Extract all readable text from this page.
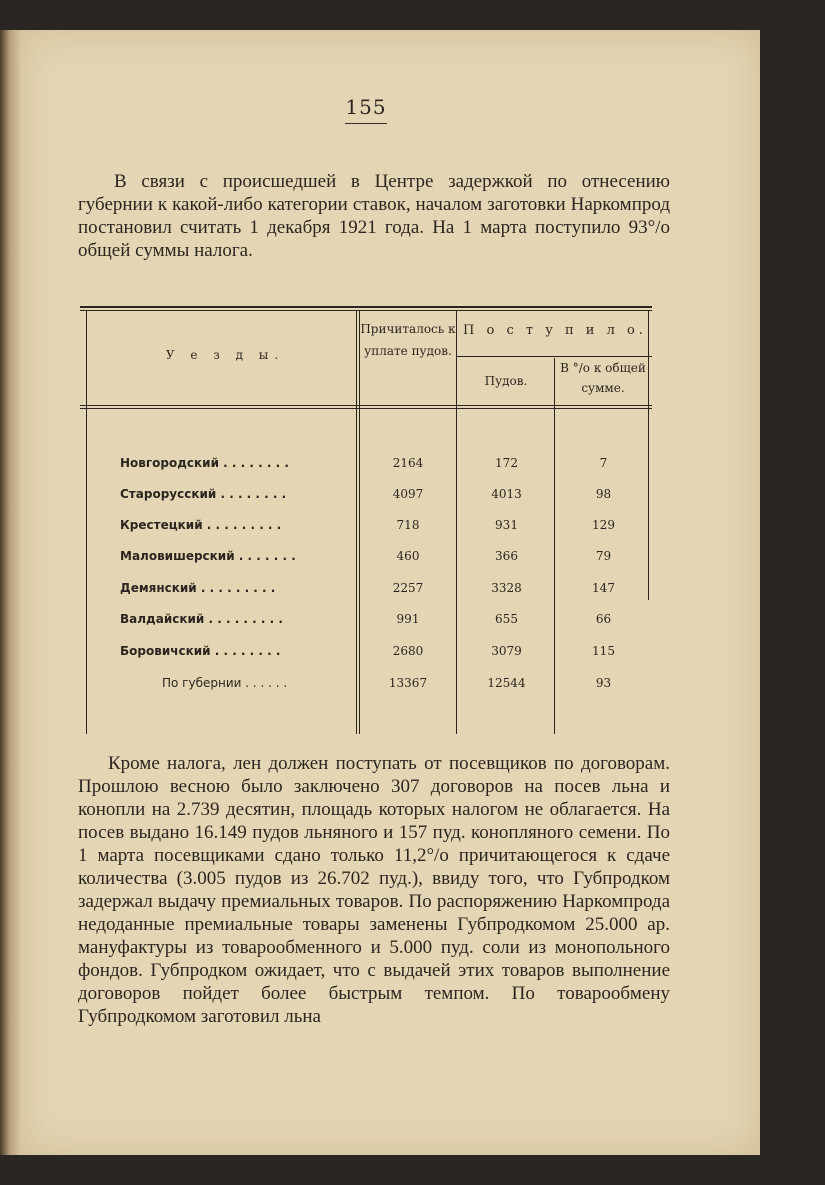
155

В связи с происшедшей в Центре задержкой по отнесению губернии к какой-либо категории ставок, началом заготовки Наркомпрод постановил считать 1 декабря 1921 года. На 1 марта поступило 93°/o общей суммы налога.

У е з д ы.
Причиталось к уплате пудов.
П о с т у п и л о.
Пудов.
В °/o к общей сумме.
Новгородский . . . . . . . .	2164	172	7
Старорусский . . . . . . . .	4097	4013	98
Крестецкий . . . . . . . . .	718	931	129
Маловишерский . . . . . . .	460	366	79
Демянский . . . . . . . . .	2257	3328	147
Валдайский . . . . . . . . .	991	655	66
Боровичский . . . . . . . .	2680	3079	115
По губернии . . . . . .	13367	12544	93

Кроме налога, лен должен поступать от посевщиков по договорам. Прошлою весною было заключено 307 договоров на посев льна и конопли на 2.739 десятин, площадь которых налогом не облагается. На посев выдано 16.149 пудов льняного и 157 пуд. конопляного семени. По 1 марта посевщиками сдано только 11,2°/o причитающегося к сдаче количества (3.005 пудов из 26.702 пуд.), ввиду того, что Губпродком задержал выдачу премиальных товаров. По распоряжению Наркомпрода недоданные премиальные товары заменены Губпродкомом 25.000 ар. мануфактуры из товарообменного и 5.000 пуд. соли из монопольного фондов. Губпродком ожидает, что с выдачей этих товаров выполнение договоров пойдет более быстрым темпом. По товарообмену Губпродкомом заготовил льна
